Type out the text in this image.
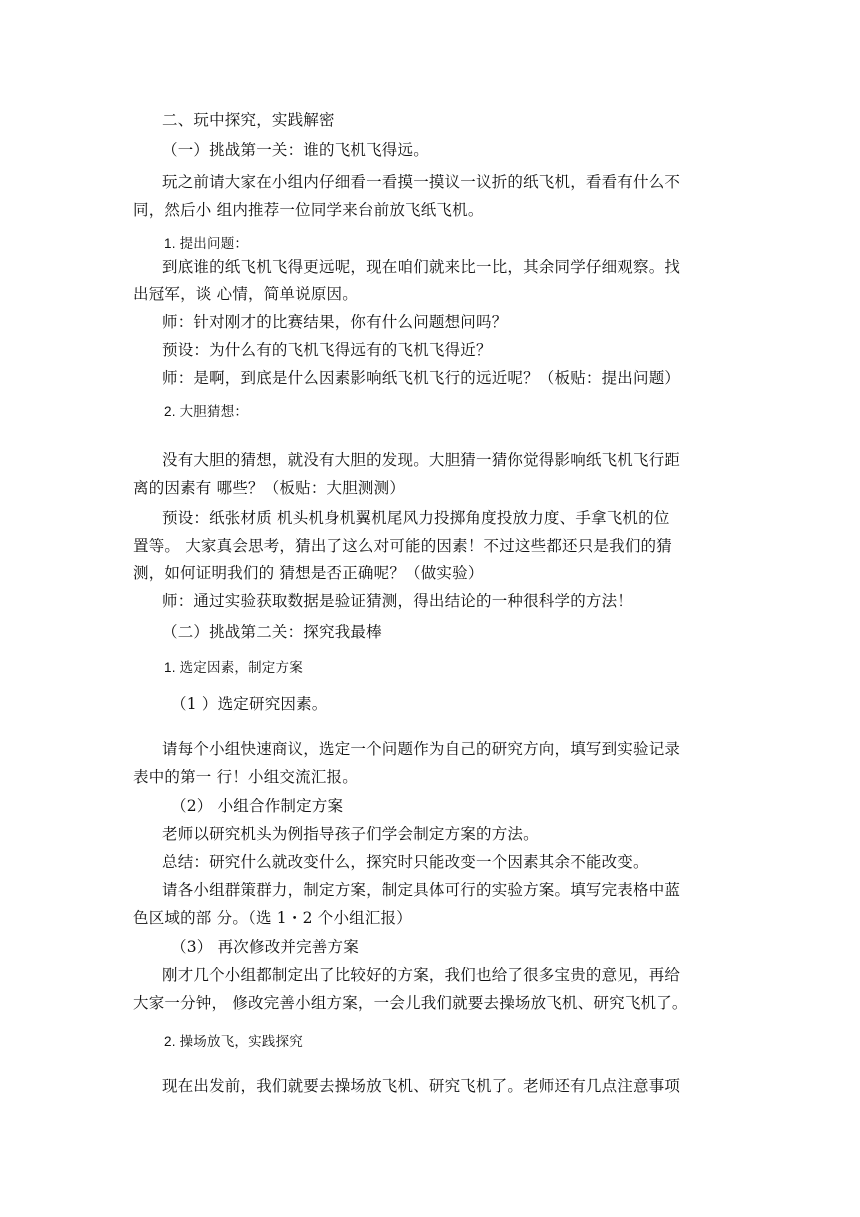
二、玩中探究，实践解密
（一）挑战第一关：谁的飞机飞得远。
玩之前请大家在小组内仔细看一看摸一摸议一议折的纸飞机，看看有什么不
同，然后小 组内推荐一位同学来台前放飞纸飞机。
1. 提出问题：
到底谁的纸飞机飞得更远呢，现在咱们就来比一比，其余同学仔细观察。找
出冠军，谈 心情，简单说原因。
师：针对刚才的比赛结果，你有什么问题想问吗？
预设：为什么有的飞机飞得远有的飞机飞得近？
师：是啊，到底是什么因素影响纸飞机飞行的远近呢？（板贴：提出问题）
2. 大胆猜想：
没有大胆的猜想，就没有大胆的发现。大胆猜一猜你觉得影响纸飞机飞行距
离的因素有 哪些？（板贴：大胆测测）
预设：纸张材质 机头机身机翼机尾风力投掷角度投放力度、手拿飞机的位
置等。 大家真会思考，猜出了这么对可能的因素！不过这些都还只是我们的猜
测，如何证明我们的 猜想是否正确呢？（做实验）
师：通过实验获取数据是验证猜测，得出结论的一种很科学的方法！
（二）挑战第二关：探究我最棒
1. 选定因素，制定方案
（1 ）选定研究因素。
请每个小组快速商议，选定一个问题作为自己的研究方向，填写到实验记录
表中的第一 行！小组交流汇报。
（2） 小组合作制定方案
老师以研究机头为例指导孩子们学会制定方案的方法。
总结：研究什么就改变什么，探究时只能改变一个因素其余不能改变。
请各小组群策群力，制定方案，制定具体可行的实验方案。填写完表格中蓝
色区域的部 分。（选 1・2 个小组汇报）
（3） 再次修改并完善方案
刚才几个小组都制定出了比较好的方案，我们也给了很多宝贵的意见，再给
大家一分钟， 修改完善小组方案，一会儿我们就要去操场放飞机、研究飞机了。
2. 操场放飞，实践探究
现在出发前，我们就要去操场放飞机、研究飞机了。老师还有几点注意事项
